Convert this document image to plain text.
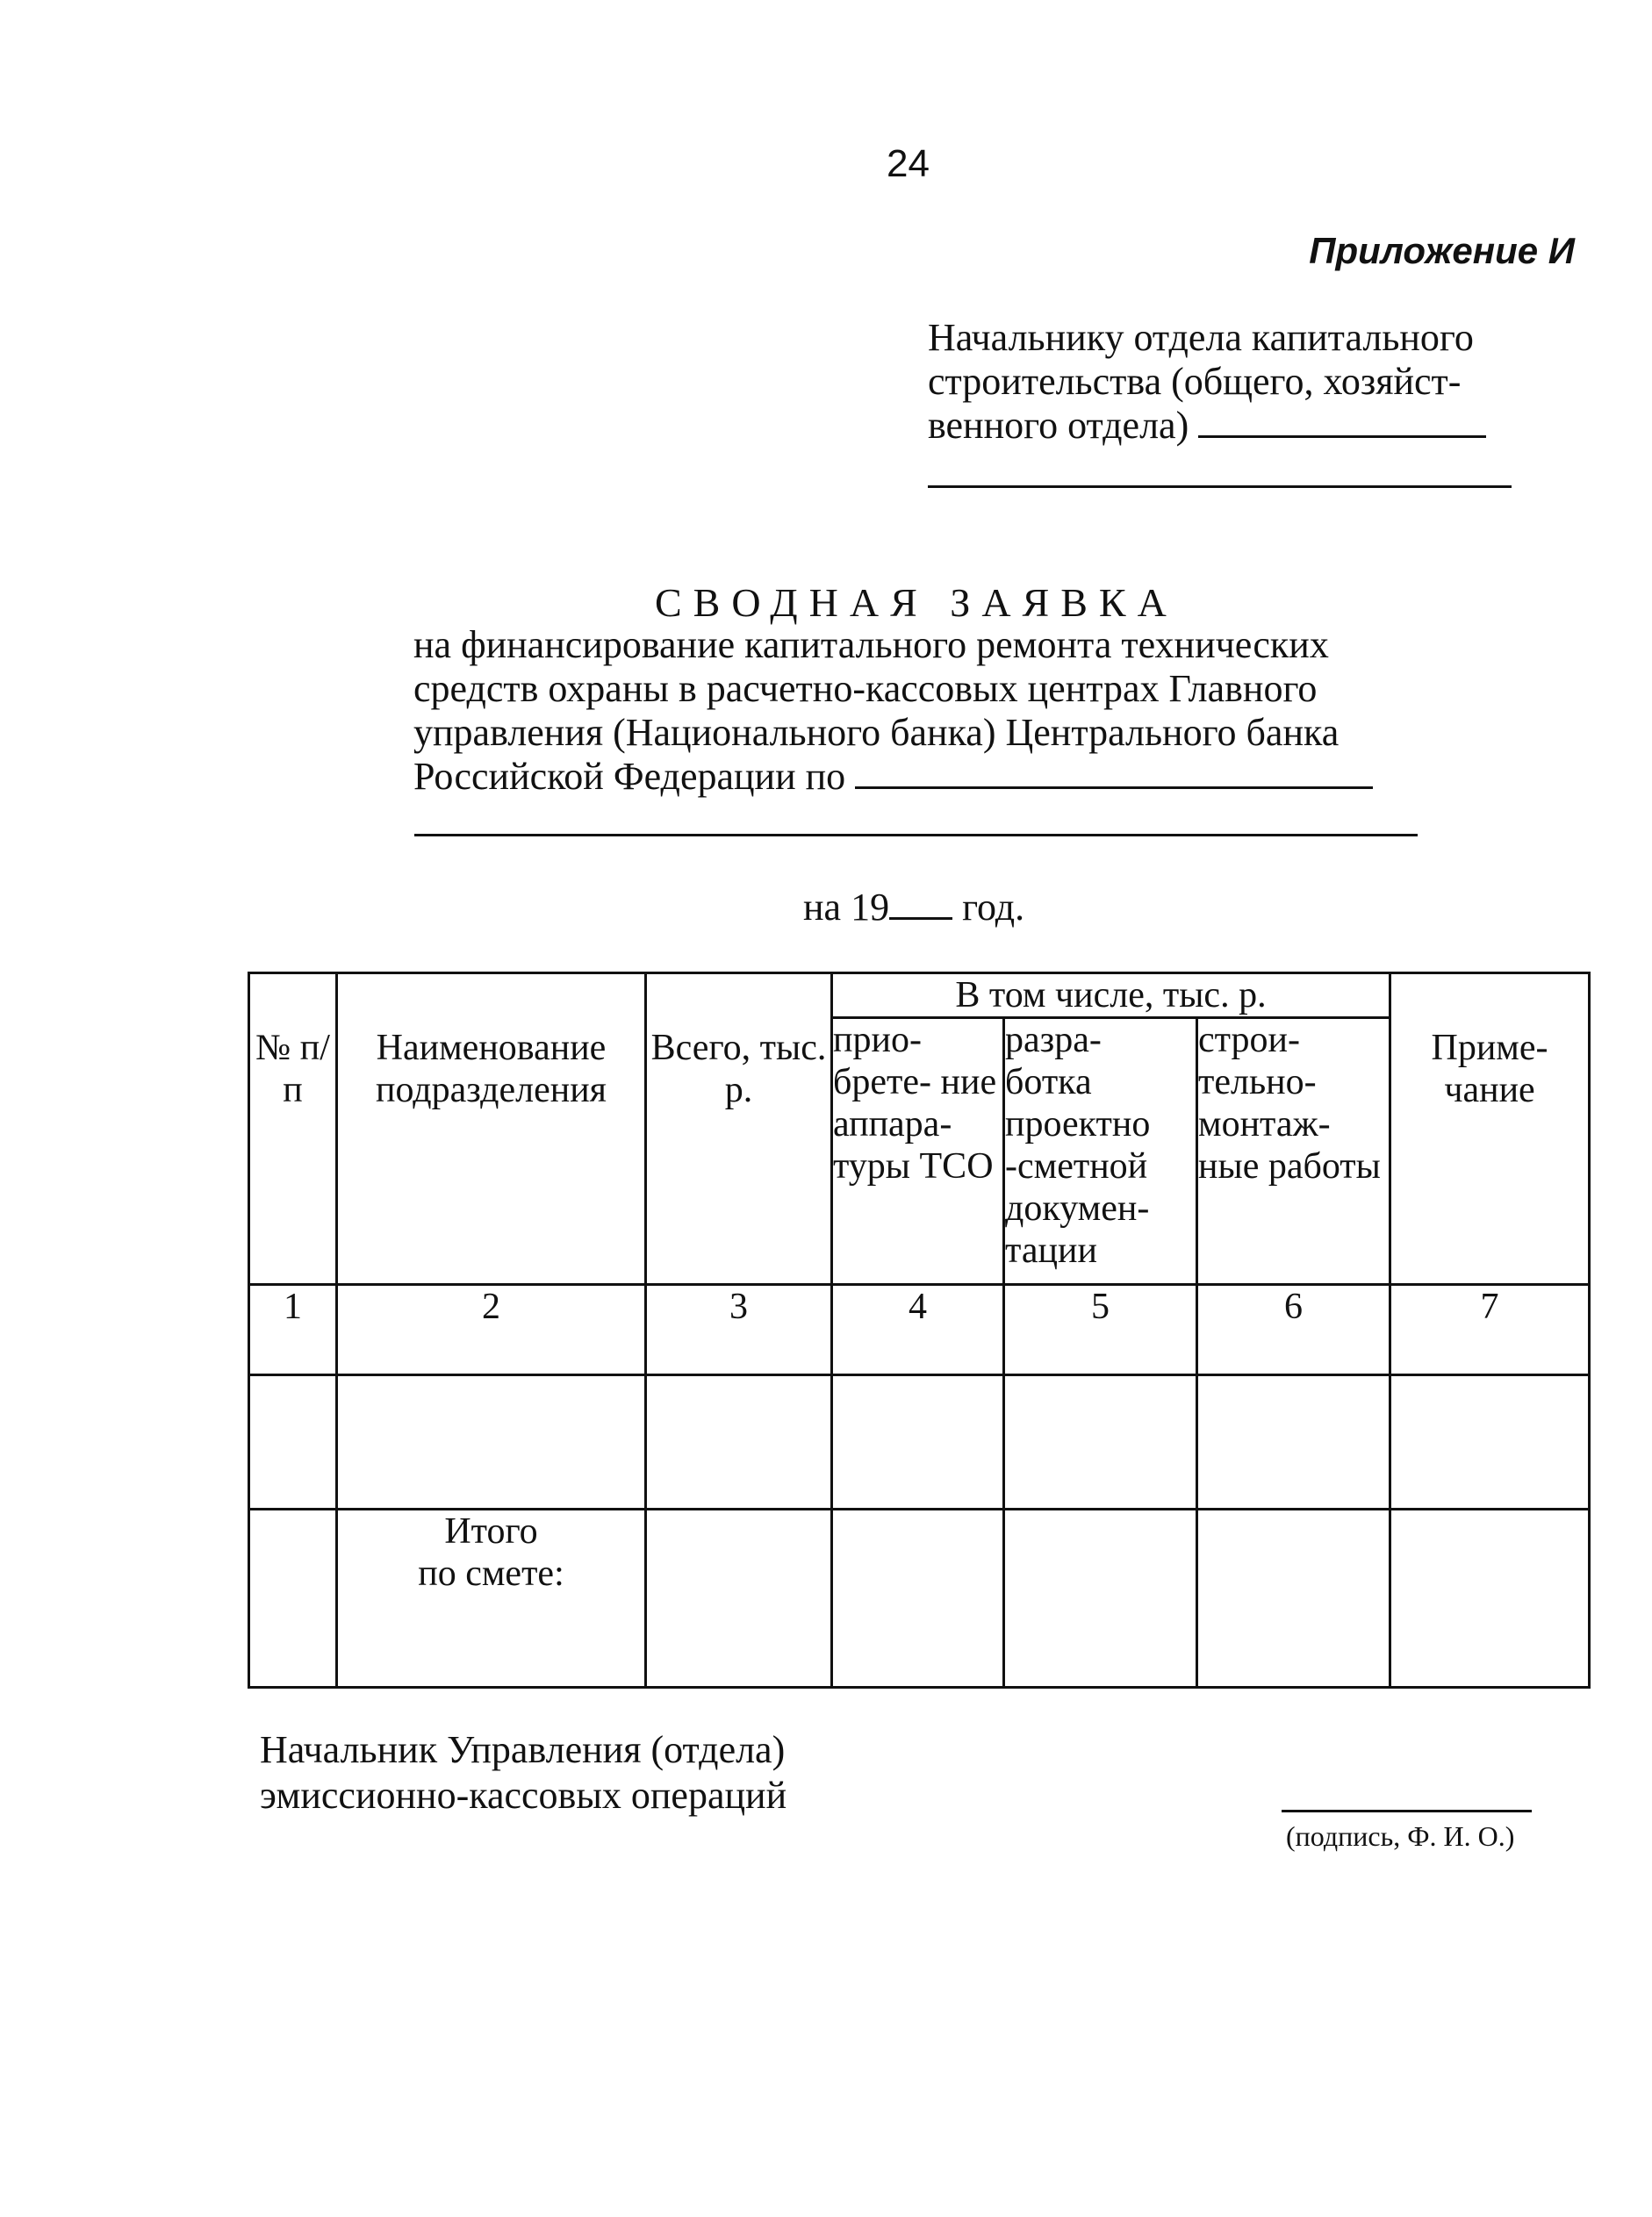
24
Приложение И
Начальнику отдела капитального
строительства (общего, хозяйст-
венного отдела)
СВОДНАЯ ЗАЯВКА
на финансирование капитального ремонта технических
средств охраны в расчетно-кассовых центрах Главного
управления (Национального банка) Центрального банка
Российской Федерации по
на 19 год.
№ п/п	Наименование подразделения	Всего, тыс. р.	В том числе, тыс. р.			Приме- чание
			прио- брете- ние аппара- туры ТСО	разра- ботка проектно -сметной докумен- тации	строи- тельно- монтаж- ные работы	
1	2	3	4	5	6	7

	Итого
по смете:					

Начальник Управления (отдела)
эмиссионно-кассовых операций
(подпись, Ф. И. О.)
